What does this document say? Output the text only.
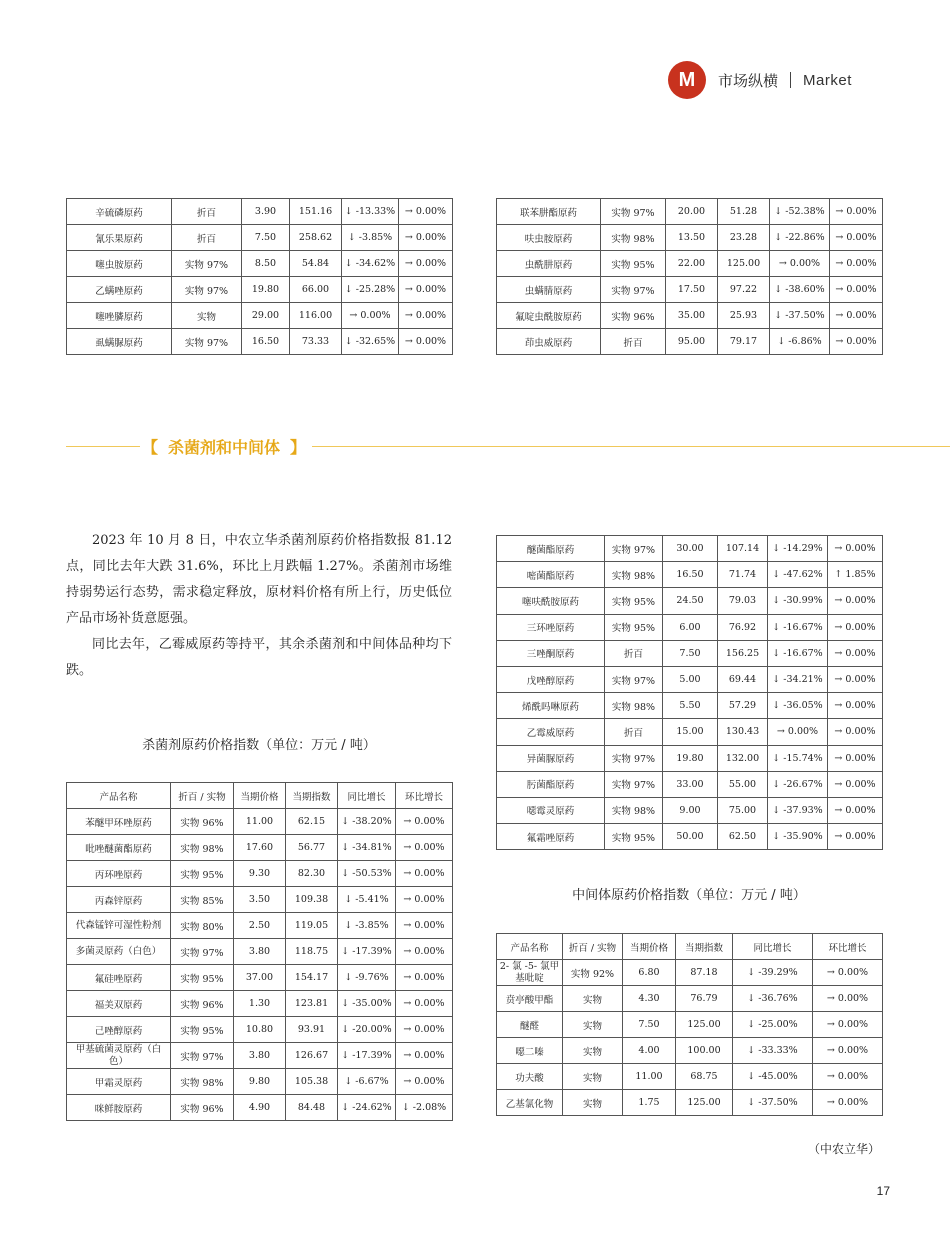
M	市场纵横 Market
辛硫磷原药	折百	3.90	151.16	↓ -13.33%	→ 0.00%
氰乐果原药	折百	7.50	258.62	↓ -3.85%	→ 0.00%
噻虫胺原药	实物 97%	8.50	54.84	↓ -34.62%	→ 0.00%
乙螨唑原药	实物 97%	19.80	66.00	↓ -25.28%	→ 0.00%
噻唑膦原药	实物	29.00	116.00	→ 0.00%	→ 0.00%
虱螨脲原药	实物 97%	16.50	73.33	↓ -32.65%	→ 0.00%
联苯肼酯原药	实物 97%	20.00	51.28	↓ -52.38%	→ 0.00%
呋虫胺原药	实物 98%	13.50	23.28	↓ -22.86%	→ 0.00%
虫酰肼原药	实物 95%	22.00	125.00	→ 0.00%	→ 0.00%
虫螨腈原药	实物 97%	17.50	97.22	↓ -38.60%	→ 0.00%
氟啶虫酰胺原药	实物 96%	35.00	25.93	↓ -37.50%	→ 0.00%
茚虫威原药	折百	95.00	79.17	↓ -6.86%	→ 0.00%
【 杀菌剂和中间体 】

2023 年 10 月 8 日，中农立华杀菌剂原药价格指数报 81.12 点，同比去年大跌 31.6%，环比上月跌幅 1.27%。杀菌剂市场维持弱势运行态势，需求稳定释放，原材料价格有所上行，历史低位产品市场补货意愿强。

同比去年，乙霉威原药等持平，其余杀菌剂和中间体品种均下跌。

杀菌剂原药价格指数（单位：万元 / 吨）
产品名称	折百 / 实物	当期价格	当期指数	同比增长	环比增长
苯醚甲环唑原药	实物 96%	11.00	62.15	↓ -38.20%	→ 0.00%
吡唑醚菌酯原药	实物 98%	17.60	56.77	↓ -34.81%	→ 0.00%
丙环唑原药	实物 95%	9.30	82.30	↓ -50.53%	→ 0.00%
丙森锌原药	实物 85%	3.50	109.38	↓ -5.41%	→ 0.00%
代森锰锌可湿性粉剂	实物 80%	2.50	119.05	↓ -3.85%	→ 0.00%
多菌灵原药（白色）	实物 97%	3.80	118.75	↓ -17.39%	→ 0.00%
氟硅唑原药	实物 95%	37.00	154.17	↓ -9.76%	→ 0.00%
福美双原药	实物 96%	1.30	123.81	↓ -35.00%	→ 0.00%
己唑醇原药	实物 95%	10.80	93.91	↓ -20.00%	→ 0.00%
甲基硫菌灵原药（白色）	实物 97%	3.80	126.67	↓ -17.39%	→ 0.00%
甲霜灵原药	实物 98%	9.80	105.38	↓ -6.67%	→ 0.00%
咪鲜胺原药	实物 96%	4.90	84.48	↓ -24.62%	↓ -2.08%
醚菌酯原药	实物 97%	30.00	107.14	↓ -14.29%	→ 0.00%
嘧菌酯原药	实物 98%	16.50	71.74	↓ -47.62%	↑ 1.85%
噻呋酰胺原药	实物 95%	24.50	79.03	↓ -30.99%	→ 0.00%
三环唑原药	实物 95%	6.00	76.92	↓ -16.67%	→ 0.00%
三唑酮原药	折百	7.50	156.25	↓ -16.67%	→ 0.00%
戊唑醇原药	实物 97%	5.00	69.44	↓ -34.21%	→ 0.00%
烯酰吗啉原药	实物 98%	5.50	57.29	↓ -36.05%	→ 0.00%
乙霉威原药	折百	15.00	130.43	→ 0.00%	→ 0.00%
异菌脲原药	实物 97%	19.80	132.00	↓ -15.74%	→ 0.00%
肟菌酯原药	实物 97%	33.00	55.00	↓ -26.67%	→ 0.00%
噁霉灵原药	实物 98%	9.00	75.00	↓ -37.93%	→ 0.00%
氟霜唑原药	实物 95%	50.00	62.50	↓ -35.90%	→ 0.00%
中间体原药价格指数（单位：万元 / 吨）
产品名称	折百 / 实物	当期价格	当期指数	同比增长	环比增长
2- 氯 -5- 氯甲基吡啶	实物 92%	6.80	87.18	↓ -39.29%	→ 0.00%
贲亭酸甲酯	实物	4.30	76.79	↓ -36.76%	→ 0.00%
醚醛	实物	7.50	125.00	↓ -25.00%	→ 0.00%
噁二嗪	实物	4.00	100.00	↓ -33.33%	→ 0.00%
功夫酸	实物	11.00	68.75	↓ -45.00%	→ 0.00%
乙基氯化物	实物	1.75	125.00	↓ -37.50%	→ 0.00%
（中农立华）
17
